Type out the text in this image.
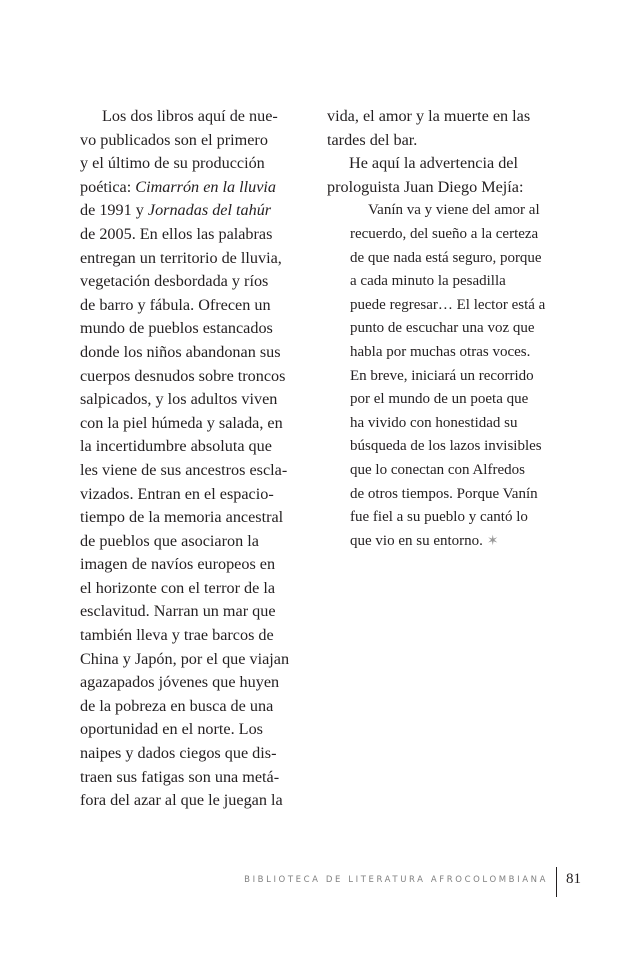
Los dos libros aquí de nue-
vo publicados son el primero
y el último de su producción
poética: Cimarrón en la lluvia
de 1991 y Jornadas del tahúr
de 2005. En ellos las palabras
entregan un territorio de lluvia,
vegetación desbordada y ríos
de barro y fábula. Ofrecen un
mundo de pueblos estancados
donde los niños abandonan sus
cuerpos desnudos sobre troncos
salpicados, y los adultos viven
con la piel húmeda y salada, en
la incertidumbre absoluta que
les viene de sus ancestros escla-
vizados. Entran en el espacio-
tiempo de la memoria ancestral
de pueblos que asociaron la
imagen de navíos europeos en
el horizonte con el terror de la
esclavitud. Narran un mar que
también lleva y trae barcos de
China y Japón, por el que viajan
agazapados jóvenes que huyen
de la pobreza en busca de una
oportunidad en el norte. Los
naipes y dados ciegos que dis-
traen sus fatigas son una metá-
fora del azar al que le juegan la
vida, el amor y la muerte en las
tardes del bar.
He aquí la advertencia del
prologuista Juan Diego Mejía:
Vanín va y viene del amor al
recuerdo, del sueño a la certeza
de que nada está seguro, porque
a cada minuto la pesadilla
puede regresar… El lector está a
punto de escuchar una voz que
habla por muchas otras voces.
En breve, iniciará un recorrido
por el mundo de un poeta que
ha vivido con honestidad su
búsqueda de los lazos invisibles
que lo conectan con Alfredos
de otros tiempos. Porque Vanín
fue fiel a su pueblo y cantó lo
que vio en su entorno. ✶
BIBLIOTECA DE LITERATURA AFROCOLOMBIANA 81
